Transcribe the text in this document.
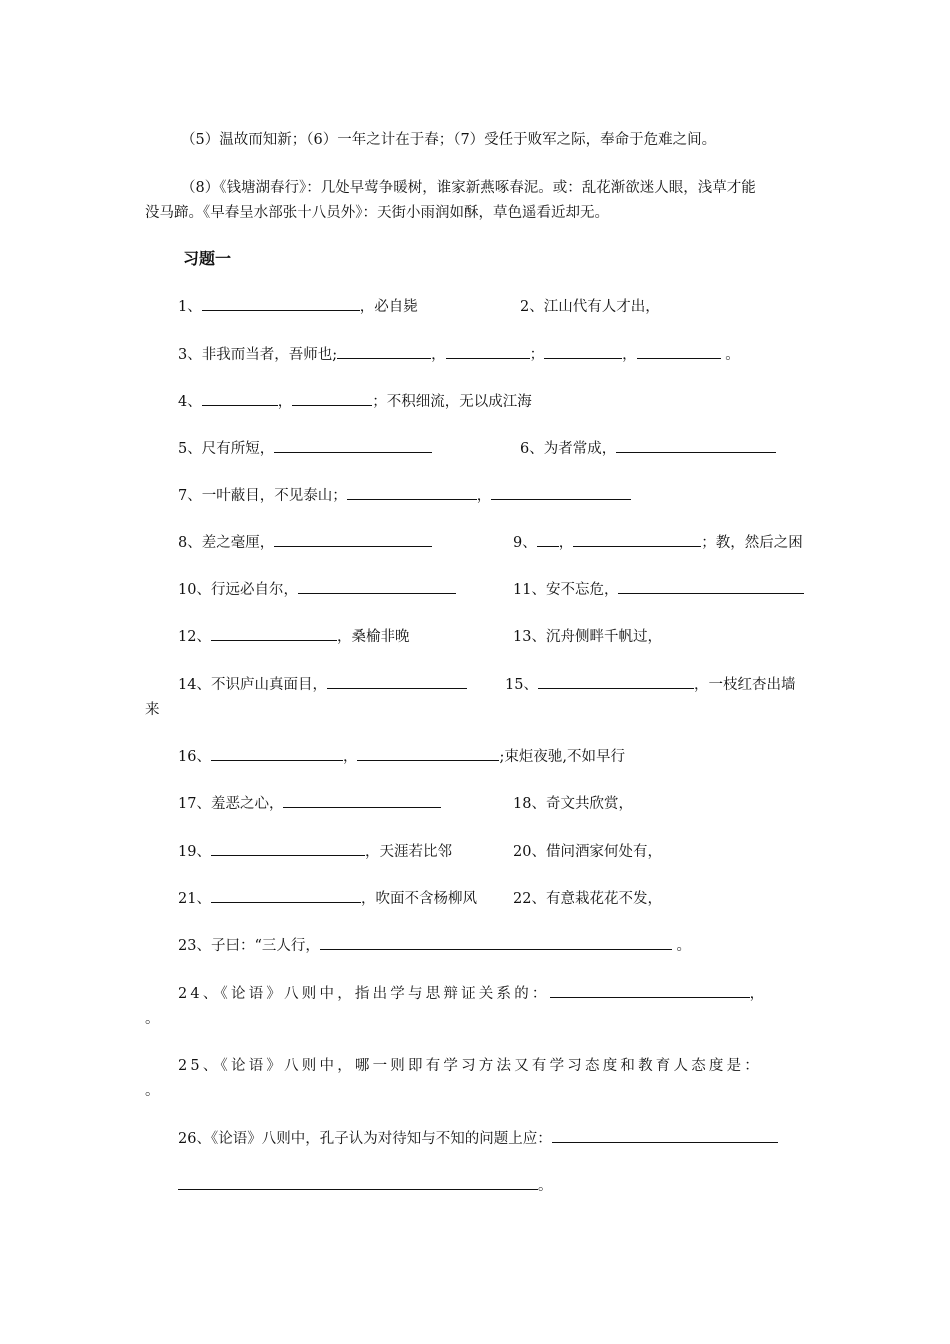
（5）温故而知新；（6）一年之计在于春；（7）受任于败军之际，奉命于危难之间。
（8）《钱塘湖春行》：几处早莺争暖树，谁家新燕啄春泥。或：乱花渐欲迷人眼，浅草才能
没马蹄。《早春呈水部张十八员外》：天街小雨润如酥，草色遥看近却无。
习题一
1、	，必自毙	2、江山代有人才出，
3、非我而当者，吾师也;	，	；	，	。
4、	，	；不积细流，无以成江海
5、尺有所短，	6、为者常成，
7、一叶蔽目，不见泰山；	，
8、差之毫厘，	9、 ，	；教，然后之困
10、行远必自尔，	11、安不忘危，
12、	，桑榆非晚	13、沉舟侧畔千帆过，
14、不识庐山真面目，	15、	，一枝红杏出墙
来
16、	，	;束炬夜驰,不如早行
17、羞恶之心，	18、奇文共欣赏，
19、	，天涯若比邻	20、借问酒家何处有，
21、	，吹面不含杨柳风 22、有意栽花花不发，
23、子曰：“三人行，	。
24、《论语》八则中，指出学与思辩证关系的：	，
。
25、《论语》八则中，哪一则即有学习方法又有学习态度和教育人态度是：
。
26、《论语》八则中，孔子认为对待知与不知的问题上应：
。
